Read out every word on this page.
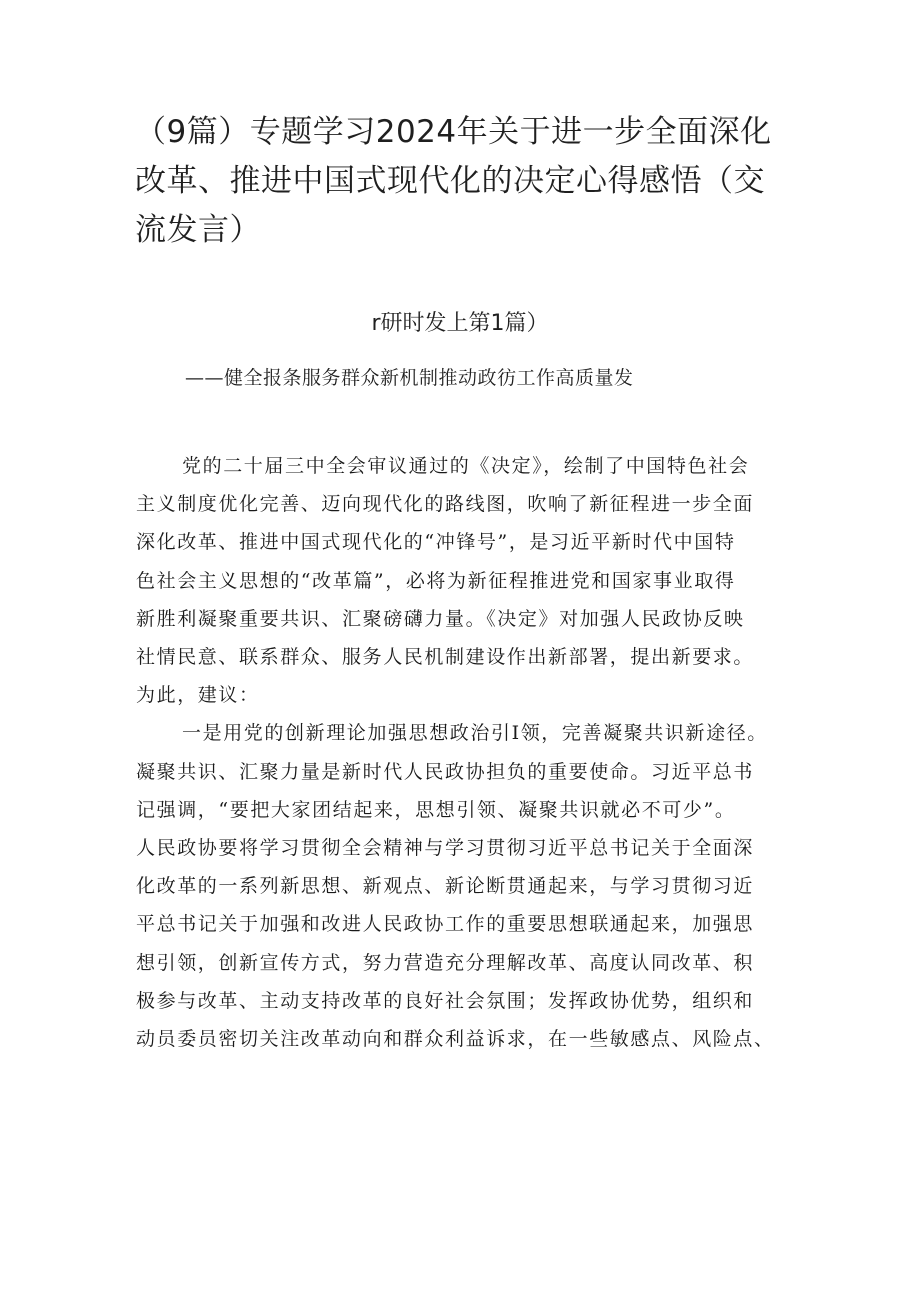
（9篇）专题学习2024年关于进一步全面深化
改革、推进中国式现代化的决定心得感悟（交
流发言）
r研时发上第1篇）

——健全报条服务群众新机制推动政彷工作高质量发

党的二十届三中全会审议通过的《决定》，绘制了中国特色社会
主义制度优化完善、迈向现代化的路线图，吹响了新征程进一步全面
深化改革、推进中国式现代化的“冲锋号”，是习近平新时代中国特
色社会主义思想的“改革篇”，必将为新征程推进党和国家事业取得
新胜利凝聚重要共识、汇聚磅礴力量。《决定》对加强人民政协反映
社情民意、联系群众、服务人民机制建设作出新部署，提出新要求。
为此，建议：
一是用党的创新理论加强思想政治引I领，完善凝聚共识新途径。
凝聚共识、汇聚力量是新时代人民政协担负的重要使命。习近平总书
记强调，“要把大家团结起来，思想引领、凝聚共识就必不可少”。
人民政协要将学习贯彻全会精神与学习贯彻习近平总书记关于全面深
化改革的一系列新思想、新观点、新论断贯通起来，与学习贯彻习近
平总书记关于加强和改进人民政协工作的重要思想联通起来，加强思
想引领，创新宣传方式，努力营造充分理解改革、高度认同改革、积
极参与改革、主动支持改革的良好社会氛围；发挥政协优势，组织和
动员委员密切关注改革动向和群众利益诉求，在一些敏感点、风险点、
